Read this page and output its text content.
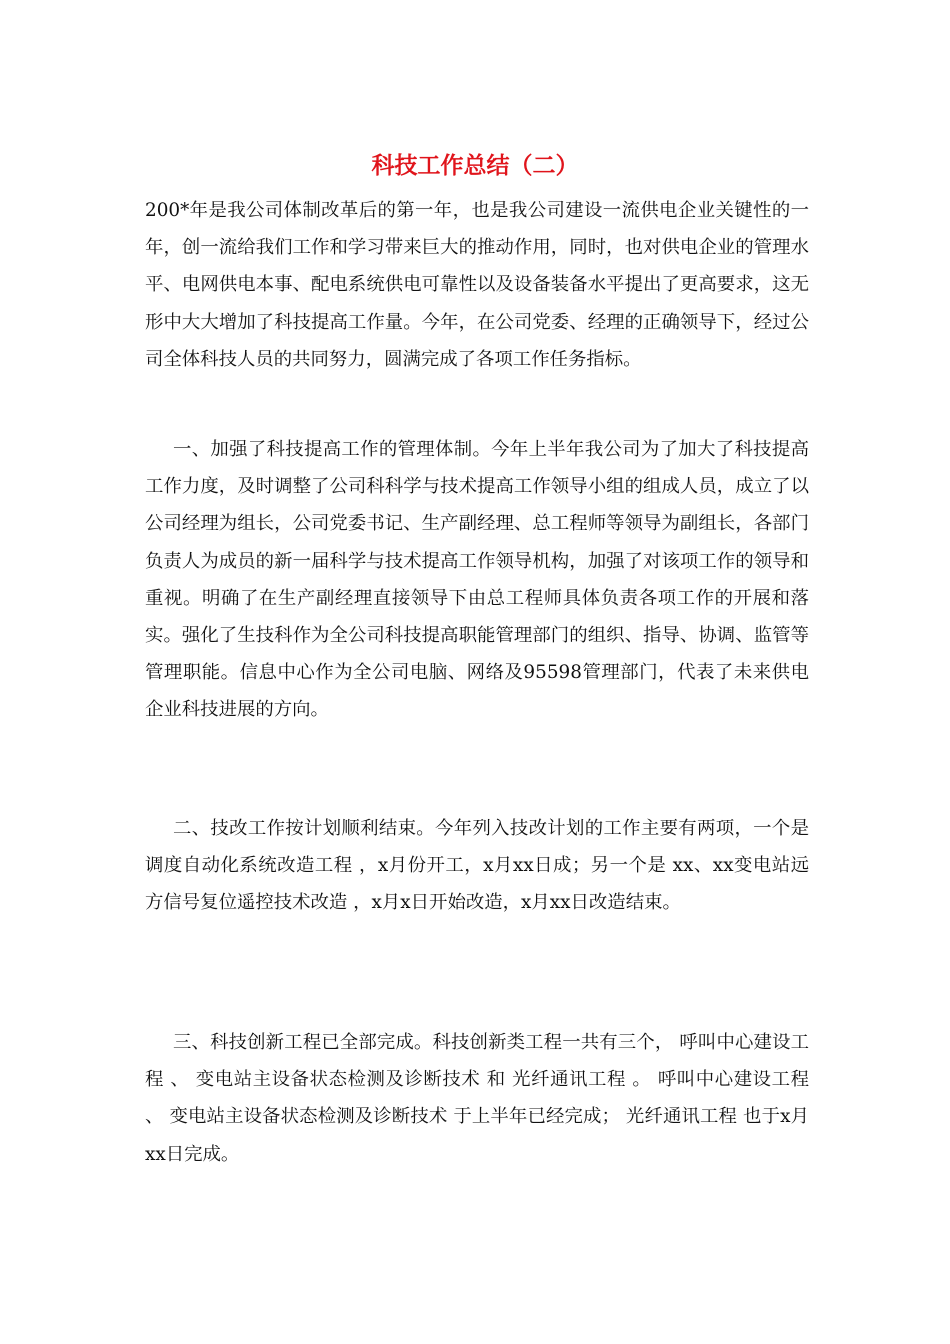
科技工作总结（二）

200*年是我公司体制改革后的第一年，也是我公司建设一流供电企业关键性的一年，创一流给我们工作和学习带来巨大的推动作用，同时，也对供电企业的管理水平、电网供电本事、配电系统供电可靠性以及设备装备水平提出了更高要求，这无形中大大增加了科技提高工作量。今年，在公司党委、经理的正确领导下，经过公司全体科技人员的共同努力，圆满完成了各项工作任务指标。

一、加强了科技提高工作的管理体制。今年上半年我公司为了加大了科技提高工作力度，及时调整了公司科科学与技术提高工作领导小组的组成人员，成立了以公司经理为组长，公司党委书记、生产副经理、总工程师等领导为副组长，各部门负责人为成员的新一届科学与技术提高工作领导机构，加强了对该项工作的领导和重视。明确了在生产副经理直接领导下由总工程师具体负责各项工作的开展和落实。强化了生技科作为全公司科技提高职能管理部门的组织、指导、协调、监管等管理职能。信息中心作为全公司电脑、网络及95598管理部门，代表了未来供电企业科技进展的方向。

二、技改工作按计划顺利结束。今年列入技改计划的工作主要有两项，一个是 调度自动化系统改造工程 ，x月份开工，x月xx日成；另一个是 xx、xx变电站远方信号复位遥控技术改造 ，x月x日开始改造，x月xx日改造结束。

三、科技创新工程已全部完成。科技创新类工程一共有三个， 呼叫中心建设工程 、 变电站主设备状态检测及诊断技术 和 光纤通讯工程 。 呼叫中心建设工程 、 变电站主设备状态检测及诊断技术 于上半年已经完成； 光纤通讯工程 也于x月xx日完成。
